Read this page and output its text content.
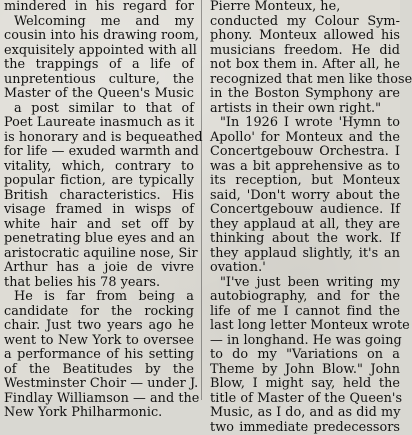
mindered in his regard for
Welcoming me and my
cousin into his drawing room,
exquisitely appointed with all
the trappings of a life of
unpretentious culture, the
Master of the Queen's Music
a post similar to that of
Poet Laureate inasmuch as it
is honorary and is bequeathed
for life — exuded warmth and
vitality, which, contrary to
popular fiction, are typically
British characteristics. His
visage framed in wisps of
white hair and set off by
penetrating blue eyes and an
aristocratic aquiline nose, Sir
Arthur has a joie de vivre
that belies his 78 years.
He is far from being a
candidate for the rocking
chair. Just two years ago he
went to New York to oversee
a performance of his setting
of the Beatitudes by the
Westminster Choir — under J.
Findlay Williamson — and the
New York Philharmonic.
Pierre Monteux, he,
conducted my Colour Sym-
phony. Monteux allowed his
musicians freedom. He did
not box them in. After all, he
recognized that men like those
in the Boston Symphony are
artists in their own right."
"In 1926 I wrote 'Hymn to
Apollo' for Monteux and the
Concertgebouw Orchestra. I
was a bit apprehensive as to
its reception, but Monteux
said, 'Don't worry about the
Concertgebouw audience. If
they applaud at all, they are
thinking about the work. If
they applaud slightly, it's an
ovation.'
"I've just been writing my
autobiography, and for the
life of me I cannot find the
last long letter Monteux wrote
— in longhand. He was going
to do my "Variations on a
Theme by John Blow." John
Blow, I might say, held the
title of Master of the Queen's
Music, as I do, and as did my
two immediate predecessors
